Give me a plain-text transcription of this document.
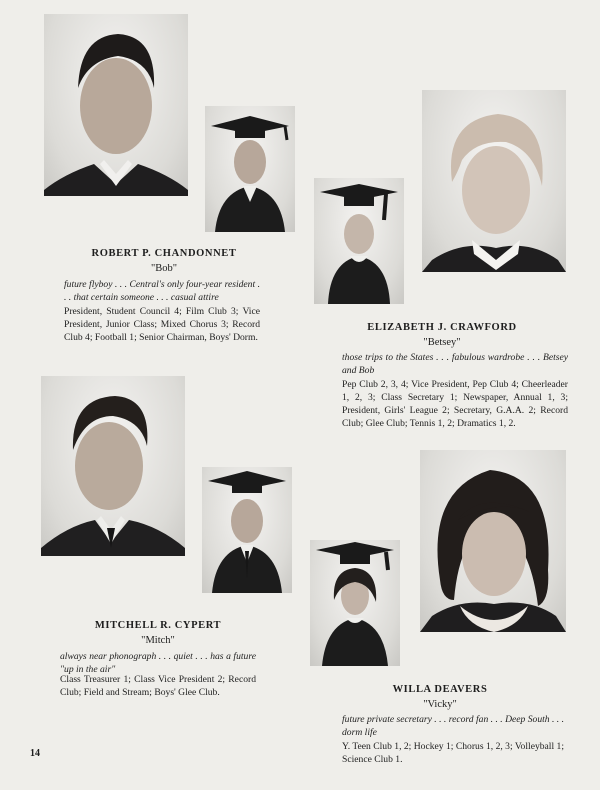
ROBERT P. CHANDONNET
"Bob"
future flyboy . . . Central's only four-year resident . . . that certain someone . . . casual attire
President, Student Council 4; Film Club 3; Vice President, Junior Class; Mixed Chorus 3; Record Club 4; Football 1; Senior Chairman, Boys' Dorm.
ELIZABETH J. CRAWFORD
"Betsey"
those trips to the States . . . fabulous wardrobe . . . Betsey and Bob
Pep Club 2, 3, 4; Vice President, Pep Club 4; Cheerleader 1, 2, 3; Class Secretary 1; Newspaper, Annual 1, 3; President, Girls' League 2; Secretary, G.A.A. 2; Record Club; Glee Club; Tennis 1, 2; Dramatics 1, 2.
MITCHELL R. CYPERT
"Mitch"
always near phonograph . . . quiet . . . has a future "up in the air"
Class Treasurer 1; Class Vice President 2; Record Club; Field and Stream; Boys' Glee Club.	WILLA DEAVERS
"Vicky"
future private secretary . . . record fan . . . Deep South . . . dorm life
Y. Teen Club 1, 2; Hockey 1; Chorus 1, 2, 3; Volleyball 1; Science Club 1.
14
